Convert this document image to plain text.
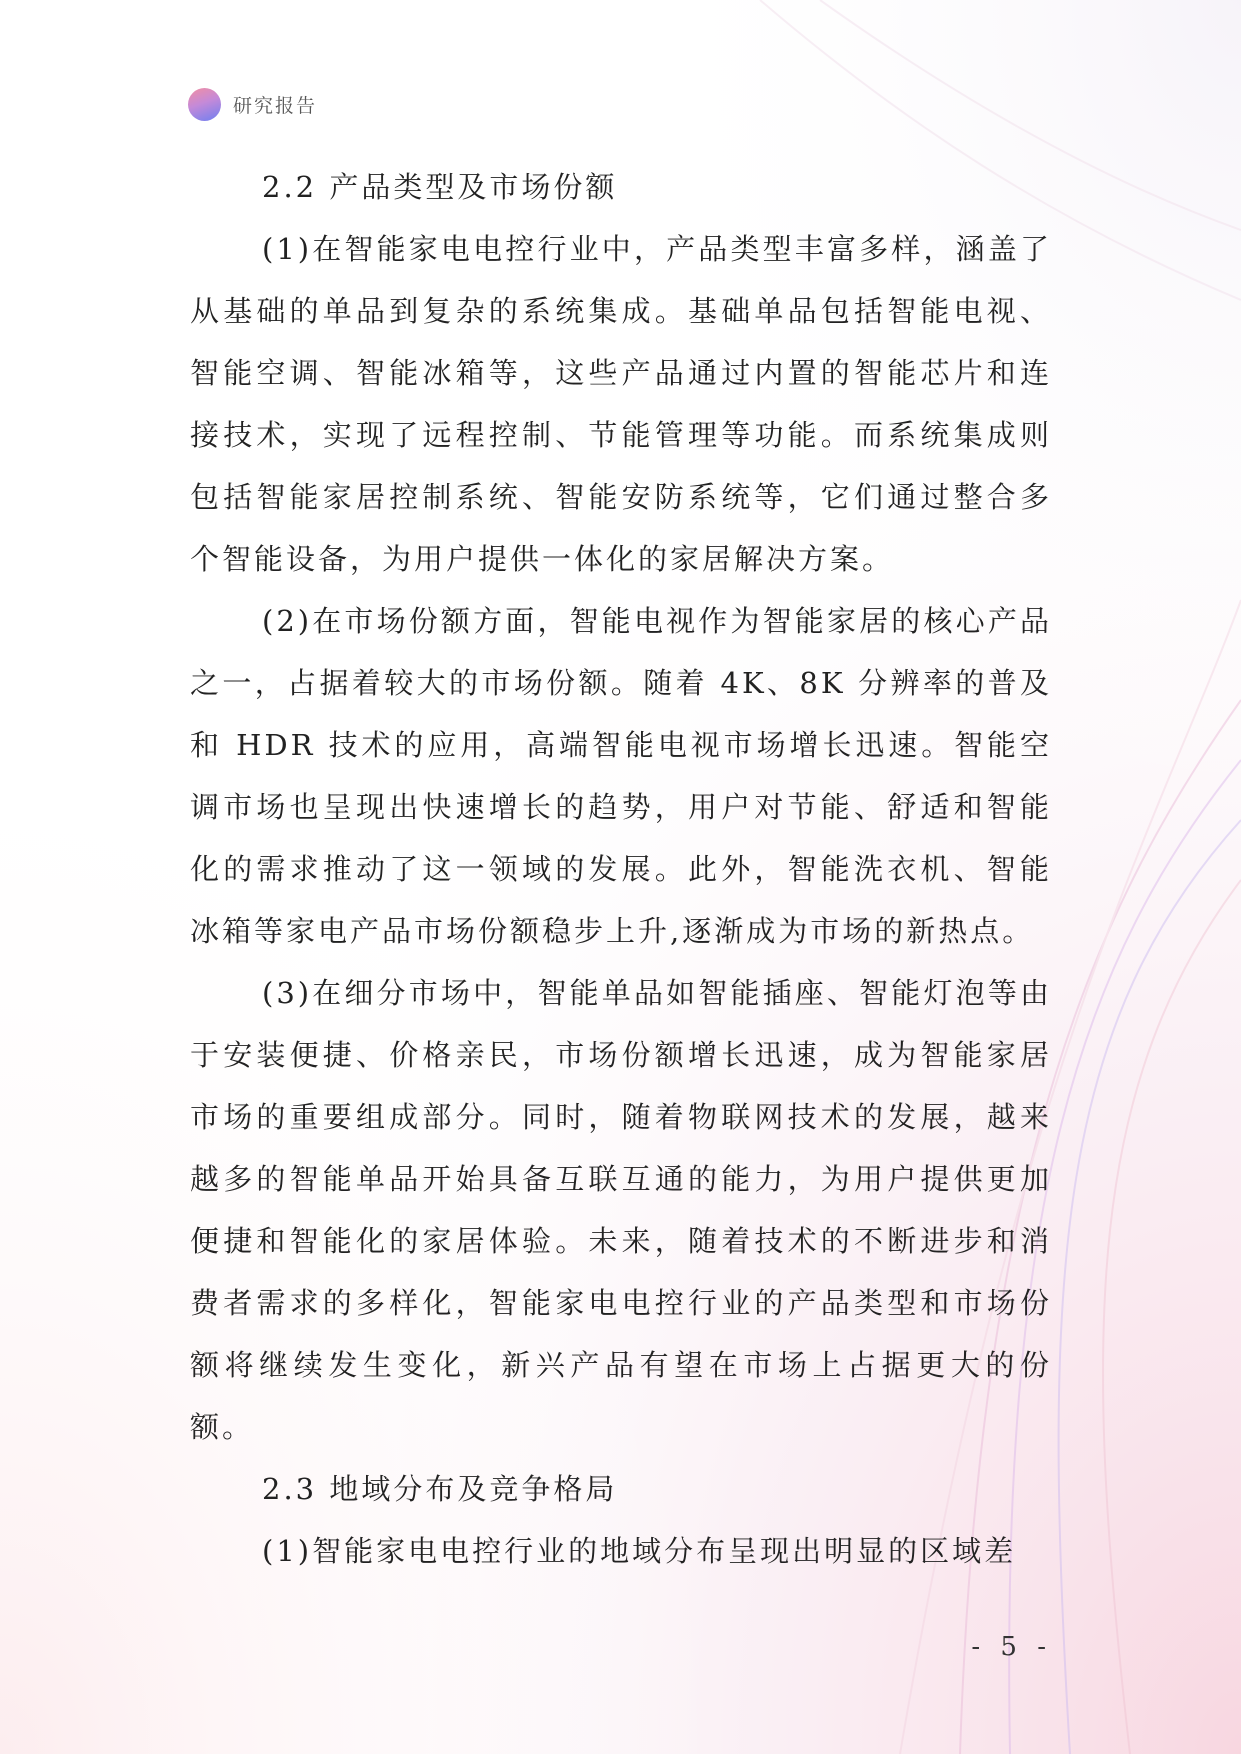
研究报告

2.2 产品类型及市场份额

(1)在智能家电电控行业中，产品类型丰富多样，涵盖了从基础的单品到复杂的系统集成。基础单品包括智能电视、智能空调、智能冰箱等，这些产品通过内置的智能芯片和连接技术，实现了远程控制、节能管理等功能。而系统集成则包括智能家居控制系统、智能安防系统等，它们通过整合多个智能设备，为用户提供一体化的家居解决方案。

(2)在市场份额方面，智能电视作为智能家居的核心产品之一，占据着较大的市场份额。随着 4K、8K 分辨率的普及和 HDR 技术的应用，高端智能电视市场增长迅速。智能空调市场也呈现出快速增长的趋势，用户对节能、舒适和智能化的需求推动了这一领域的发展。此外，智能洗衣机、智能冰箱等家电产品市场份额稳步上升,逐渐成为市场的新热点。

(3)在细分市场中，智能单品如智能插座、智能灯泡等由于安装便捷、价格亲民，市场份额增长迅速，成为智能家居市场的重要组成部分。同时，随着物联网技术的发展，越来越多的智能单品开始具备互联互通的能力，为用户提供更加便捷和智能化的家居体验。未来，随着技术的不断进步和消费者需求的多样化，智能家电电控行业的产品类型和市场份额将继续发生变化，新兴产品有望在市场上占据更大的份额。

2.3 地域分布及竞争格局

(1)智能家电电控行业的地域分布呈现出明显的区域差

- 5 -
